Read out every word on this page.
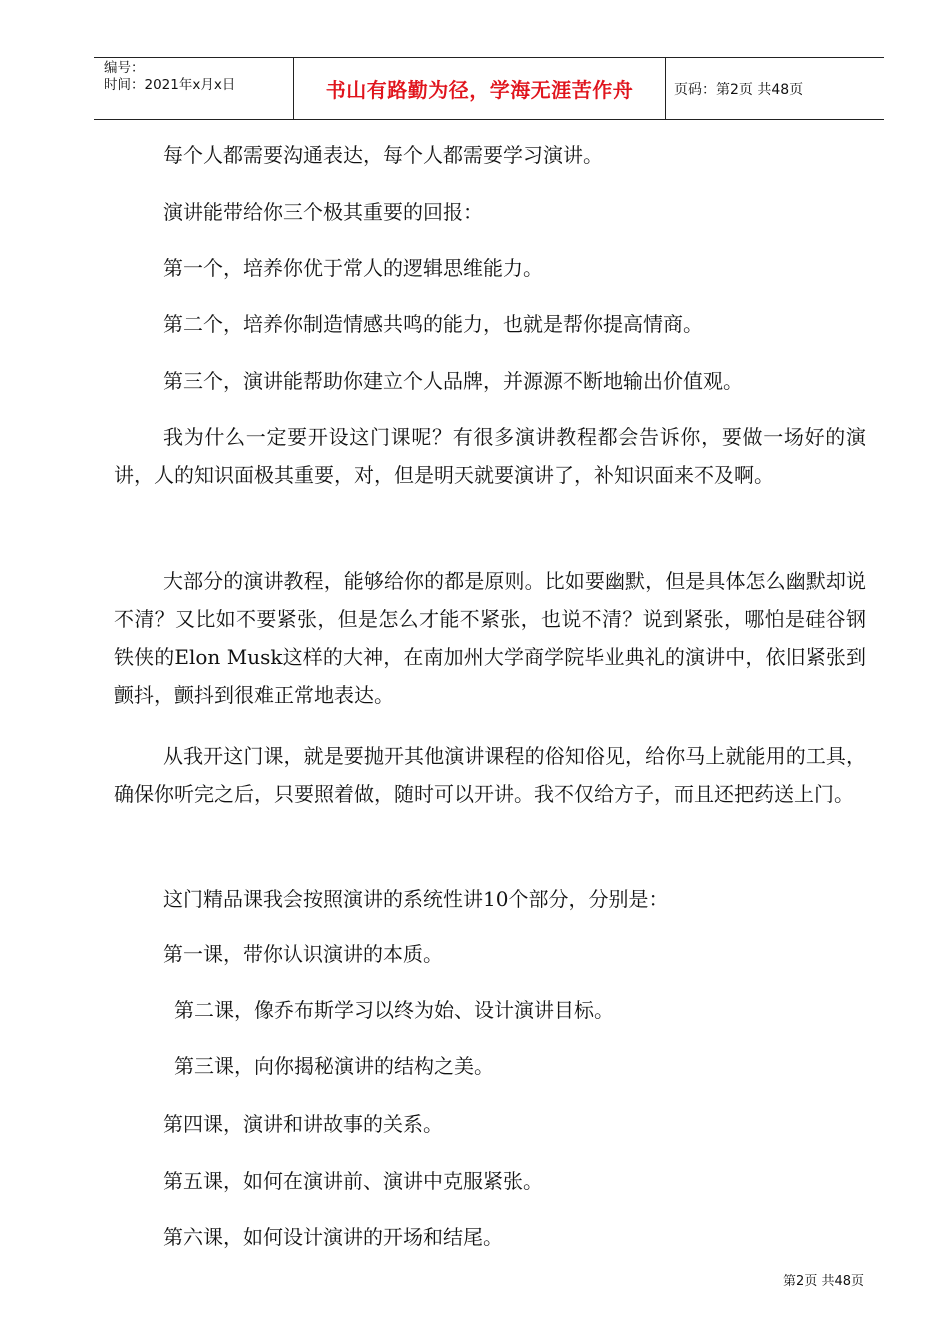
编号：
时间：2021年x月x日	书山有路勤为径，学海无涯苦作舟	页码：第2页 共48页
每个人都需要沟通表达，每个人都需要学习演讲。
演讲能带给你三个极其重要的回报：
第一个，培养你优于常人的逻辑思维能力。
第二个，培养你制造情感共鸣的能力，也就是帮你提高情商。
第三个，演讲能帮助你建立个人品牌，并源源不断地输出价值观。
我为什么一定要开设这门课呢？有很多演讲教程都会告诉你，要做一场好的演讲，人的知识面极其重要，对，但是明天就要演讲了，补知识面来不及啊。
大部分的演讲教程，能够给你的都是原则。比如要幽默，但是具体怎么幽默却说不清？又比如不要紧张，但是怎么才能不紧张，也说不清？说到紧张，哪怕是硅谷钢铁侠的Elon Musk这样的大神，在南加州大学商学院毕业典礼的演讲中，依旧紧张到颤抖，颤抖到很难正常地表达。
从我开这门课，就是要抛开其他演讲课程的俗知俗见，给你马上就能用的工具，确保你听完之后，只要照着做，随时可以开讲。我不仅给方子，而且还把药送上门。
这门精品课我会按照演讲的系统性讲10个部分，分别是：
第一课，带你认识演讲的本质。
第二课，像乔布斯学习以终为始、设计演讲目标。
第三课，向你揭秘演讲的结构之美。
第四课，演讲和讲故事的关系。
第五课，如何在演讲前、演讲中克服紧张。
第六课，如何设计演讲的开场和结尾。
第2页 共48页
